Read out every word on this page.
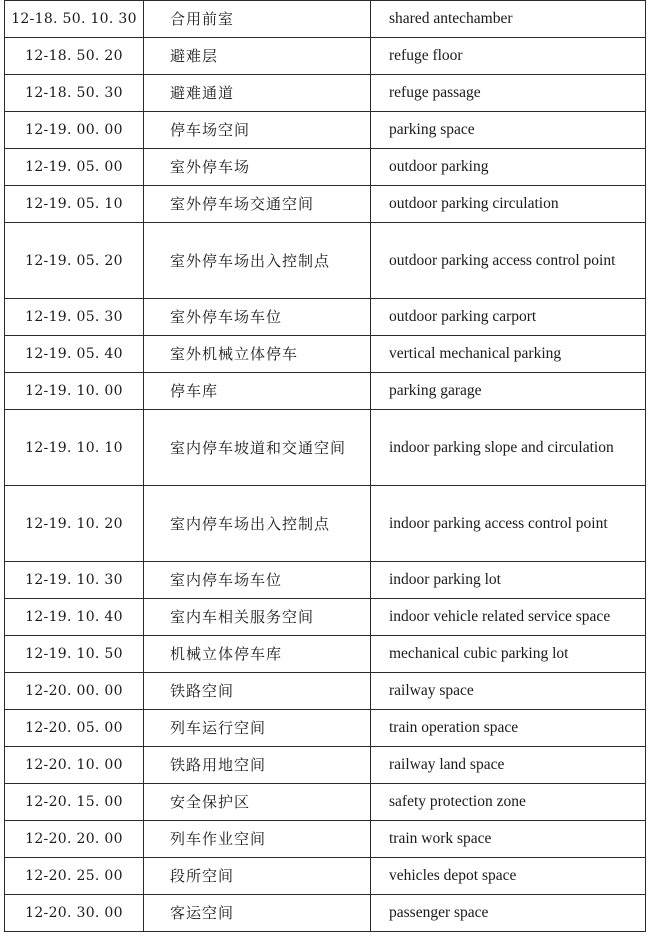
12-18. 50. 10. 30	合用前室	shared antechamber
12-18. 50. 20	避难层	refuge floor
12-18. 50. 30	避难通道	refuge passage
12-19. 00. 00	停车场空间	parking space
12-19. 05. 00	室外停车场	outdoor parking
12-19. 05. 10	室外停车场交通空间	outdoor parking circulation
12-19. 05. 20	室外停车场出入控制点	outdoor parking access control point
12-19. 05. 30	室外停车场车位	outdoor parking carport
12-19. 05. 40	室外机械立体停车	vertical mechanical parking
12-19. 10. 00	停车库	parking garage
12-19. 10. 10	室内停车坡道和交通空间	indoor parking slope and circulation
12-19. 10. 20	室内停车场出入控制点	indoor parking access control point
12-19. 10. 30	室内停车场车位	indoor parking lot
12-19. 10. 40	室内车相关服务空间	indoor vehicle related service space
12-19. 10. 50	机械立体停车库	mechanical cubic parking lot
12-20. 00. 00	铁路空间	railway space
12-20. 05. 00	列车运行空间	train operation space
12-20. 10. 00	铁路用地空间	railway land space
12-20. 15. 00	安全保护区	safety protection zone
12-20. 20. 00	列车作业空间	train work space
12-20. 25. 00	段所空间	vehicles depot space
12-20. 30. 00	客运空间	passenger space
